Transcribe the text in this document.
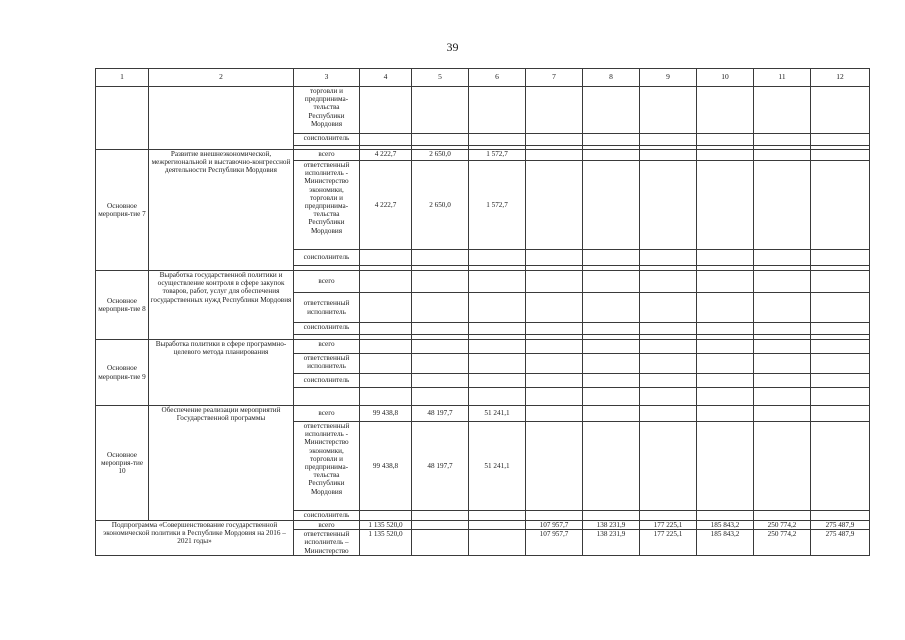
39
1	2	3	4	5	6	7	8	9	10	11	12
		торговли и предпринима-тельства Республики Мордовия									
		соисполнитель									

Основное мероприя-тие 7	Развитие внешнеэкономической, межрегиональной и выставочно-конгрессной деятельности Республики Мордовия	всего	4 222,7	2 650,0	1 572,7						
		ответственный исполнитель - Министерство экономики, торговли и предпринима-тельства Республики Мордовия	4 222,7	2 650,0	1 572,7						
		соисполнитель									

Основное мероприя-тие 8	Выработка государственной политики и осуществление контроля в сфере закупок товаров, работ, услуг для обеспечения государственных нужд Республики Мордовия	всего									
		ответственный исполнитель									
		соисполнитель									

Основное мероприя-тие 9	Выработка политики в сфере программно-целевого метода планирования	всего									
		ответственный исполнитель									
		соисполнитель									

Основное мероприя-тие 10	Обеспечение реализации мероприятий Государственной программы	всего	99 438,8	48 197,7	51 241,1						
		ответственный исполнитель - Министерство экономики, торговли и предпринима-тельства Республики Мордовия	99 438,8	48 197,7	51 241,1						
		соисполнитель									
Подпрограмма «Совершенствование государственной экономической политики в Республике Мордовия на 2016 – 2021 годы»		всего	1 135 520,0			107 957,7	138 231,9	177 225,1	185 843,2	250 774,2	275 487,9
		ответственный исполнитель – Министерство	1 135 520,0			107 957,7	138 231,9	177 225,1	185 843,2	250 774,2	275 487,9
